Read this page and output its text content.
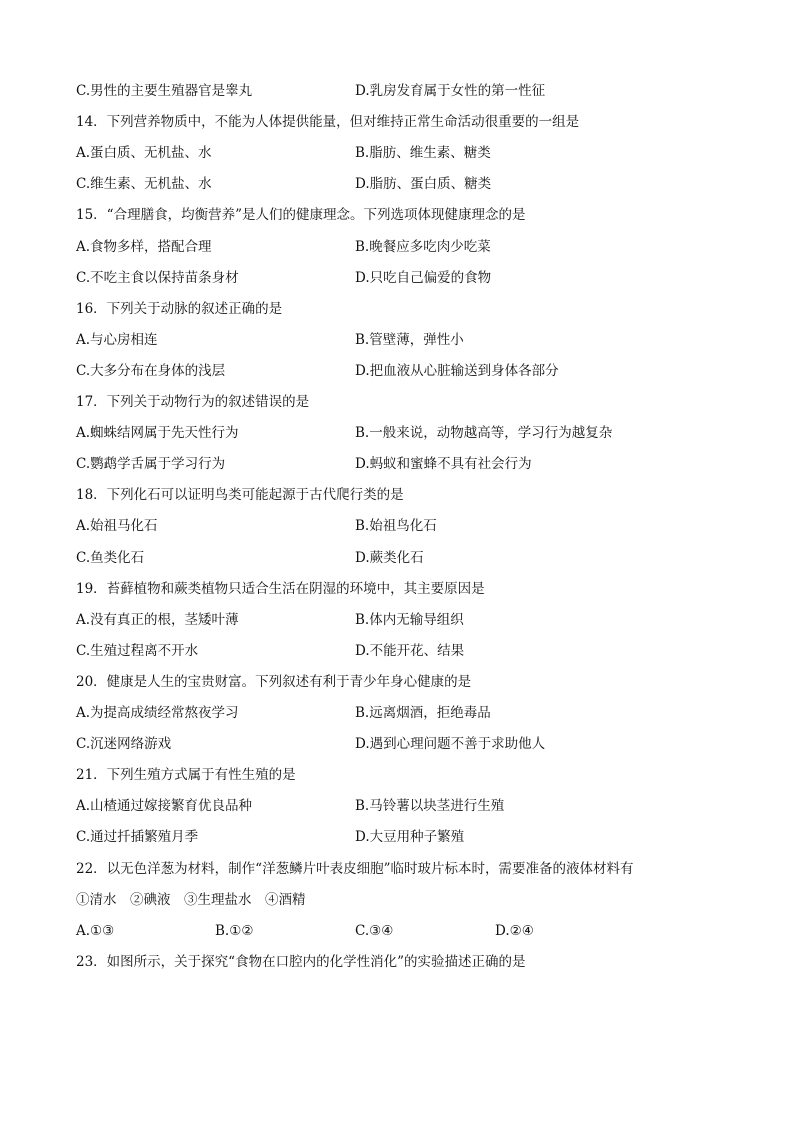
C.男性的主要生殖器官是睾丸	D.乳房发育属于女性的第一性征
14．下列营养物质中，不能为人体提供能量，但对维持正常生命活动很重要的一组是
A.蛋白质、无机盐、水	B.脂肪、维生素、糖类
C.维生素、无机盐、水	D.脂肪、蛋白质、糖类
15．“合理膳食，均衡营养”是人们的健康理念。下列选项体现健康理念的是
A.食物多样，搭配合理	B.晚餐应多吃肉少吃菜
C.不吃主食以保持苗条身材	D.只吃自己偏爱的食物
16．下列关于动脉的叙述正确的是
A.与心房相连	B.管壁薄，弹性小
C.大多分布在身体的浅层	D.把血液从心脏输送到身体各部分
17．下列关于动物行为的叙述错误的是
A.蜘蛛结网属于先天性行为	B.一般来说，动物越高等，学习行为越复杂
C.鹦鹉学舌属于学习行为	D.蚂蚁和蜜蜂不具有社会行为
18．下列化石可以证明鸟类可能起源于古代爬行类的是
A.始祖马化石	B.始祖鸟化石
C.鱼类化石	D.蕨类化石
19．苔藓植物和蕨类植物只适合生活在阴湿的环境中，其主要原因是
A.没有真正的根，茎矮叶薄	B.体内无输导组织
C.生殖过程离不开水	D.不能开花、结果
20．健康是人生的宝贵财富。下列叙述有利于青少年身心健康的是
A.为提高成绩经常熬夜学习	B.远离烟酒，拒绝毒品
C.沉迷网络游戏	D.遇到心理问题不善于求助他人
21．下列生殖方式属于有性生殖的是
A.山楂通过嫁接繁育优良品种	B.马铃薯以块茎进行生殖
C.通过扦插繁殖月季	D.大豆用种子繁殖
22．以无色洋葱为材料，制作“洋葱鳞片叶表皮细胞”临时玻片标本时，需要准备的液体材料有
①清水　②碘液　③生理盐水　④酒精
A.①③	B.①②	C.③④	D.②④
23．如图所示，关于探究“食物在口腔内的化学性消化”的实验描述正确的是
